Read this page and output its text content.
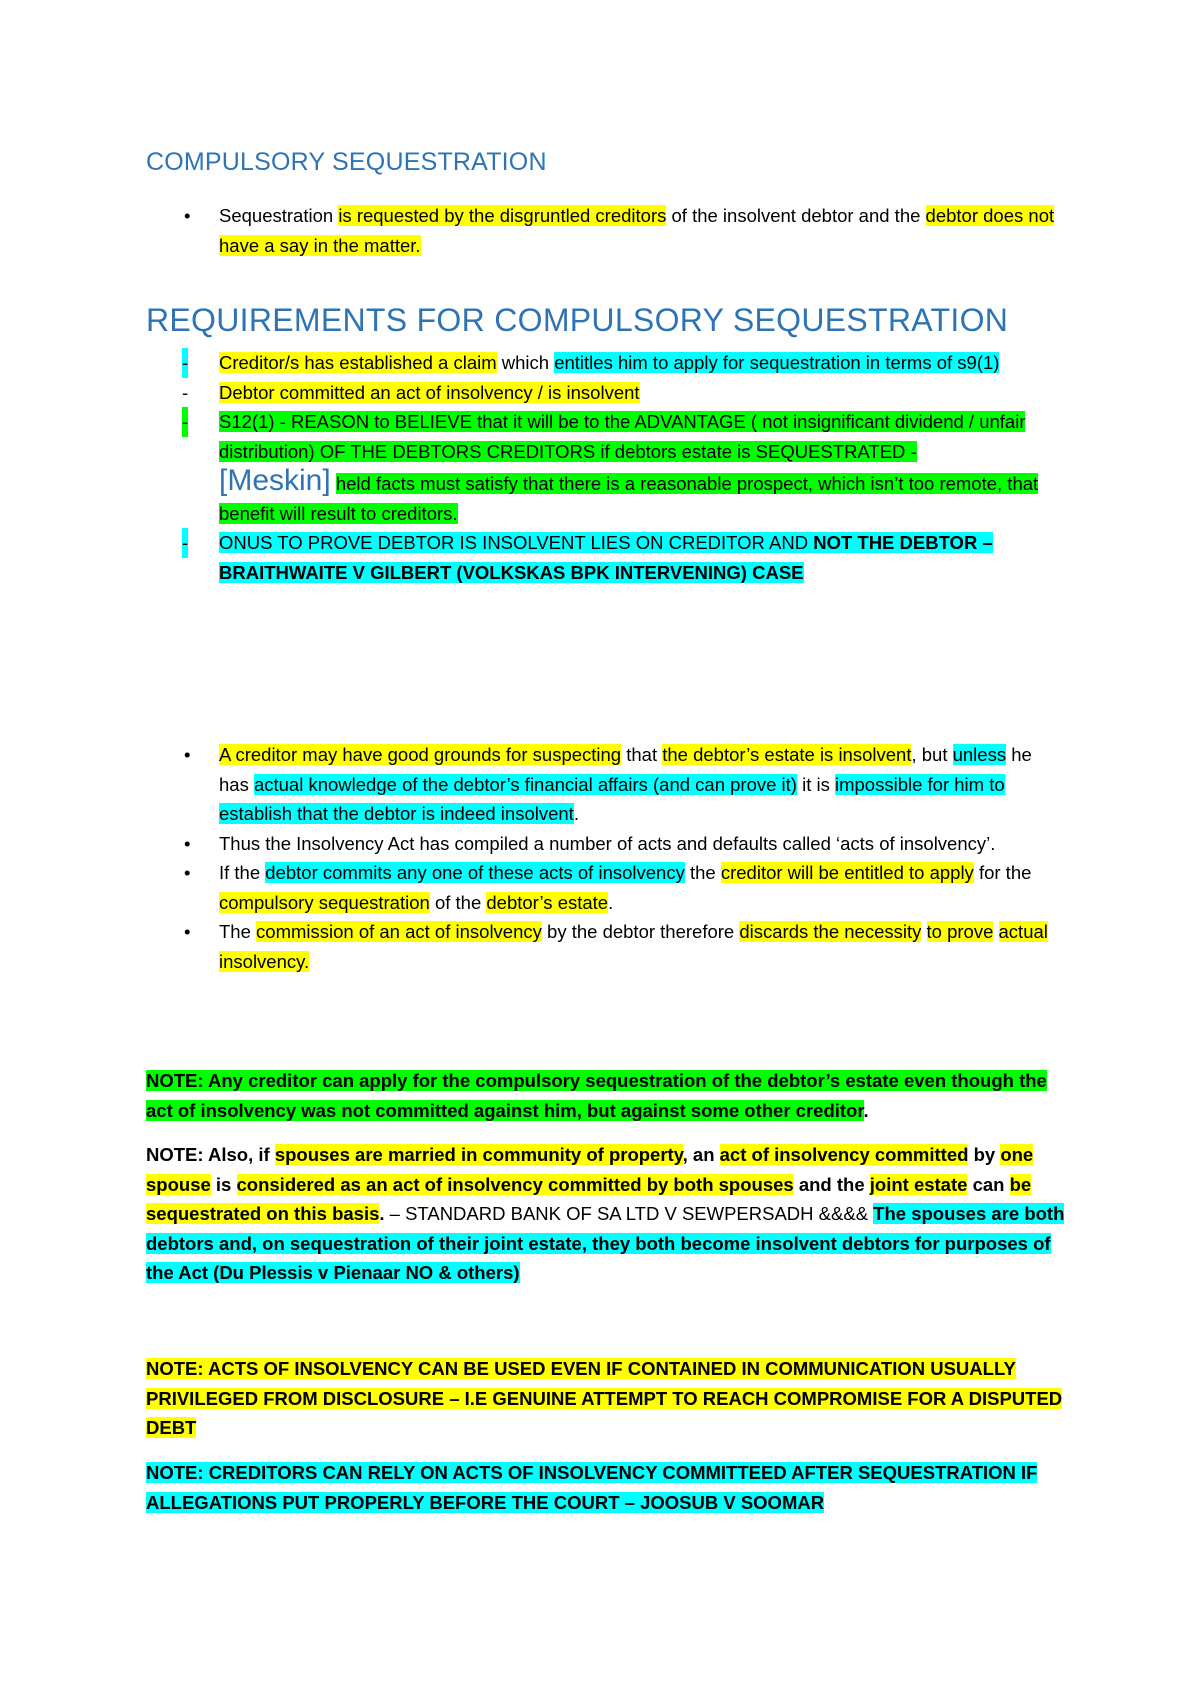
COMPULSORY SEQUESTRATION
• Sequestration is requested by the disgruntled creditors of the insolvent debtor and the debtor does not have a say in the matter.
REQUIREMENTS FOR COMPULSORY SEQUESTRATION
- Creditor/s has established a claim which entitles him to apply for sequestration in terms of s9(1)
- Debtor committed an act of insolvency / is insolvent
- S12(1) - REASON to BELIEVE that it will be to the ADVANTAGE ( not insignificant dividend / unfair distribution) OF THE DEBTORS CREDITORS if debtors estate is SEQUESTRATED -
[Meskin] held facts must satisfy that there is a reasonable prospect, which isn’t too remote, that benefit will result to creditors.
- ONUS TO PROVE DEBTOR IS INSOLVENT LIES ON CREDITOR AND NOT THE DEBTOR – BRAITHWAITE V GILBERT (VOLKSKAS BPK INTERVENING) CASE
• A creditor may have good grounds for suspecting that the debtor’s estate is insolvent, but unless he has actual knowledge of the debtor’s financial affairs (and can prove it) it is impossible for him to establish that the debtor is indeed insolvent.
• Thus the Insolvency Act has compiled a number of acts and defaults called ‘acts of insolvency’.
• If the debtor commits any one of these acts of insolvency the creditor will be entitled to apply for the compulsory sequestration of the debtor’s estate.
• The commission of an act of insolvency by the debtor therefore discards the necessity to prove actual insolvency.
NOTE: Any creditor can apply for the compulsory sequestration of the debtor’s estate even though the act of insolvency was not committed against him, but against some other creditor.
NOTE: Also, if spouses are married in community of property, an act of insolvency committed by one spouse is considered as an act of insolvency committed by both spouses and the joint estate can be sequestrated on this basis. – STANDARD BANK OF SA LTD V SEWPERSADH &&&& The spouses are both debtors and, on sequestration of their joint estate, they both become insolvent debtors for purposes of the Act (Du Plessis v Pienaar NO & others)
NOTE: ACTS OF INSOLVENCY CAN BE USED EVEN IF CONTAINED IN COMMUNICATION USUALLY PRIVILEGED FROM DISCLOSURE – I.E GENUINE ATTEMPT TO REACH COMPROMISE FOR A DISPUTED DEBT
NOTE: CREDITORS CAN RELY ON ACTS OF INSOLVENCY COMMITTEED AFTER SEQUESTRATION IF ALLEGATIONS PUT PROPERLY BEFORE THE COURT – JOOSUB V SOOMAR
